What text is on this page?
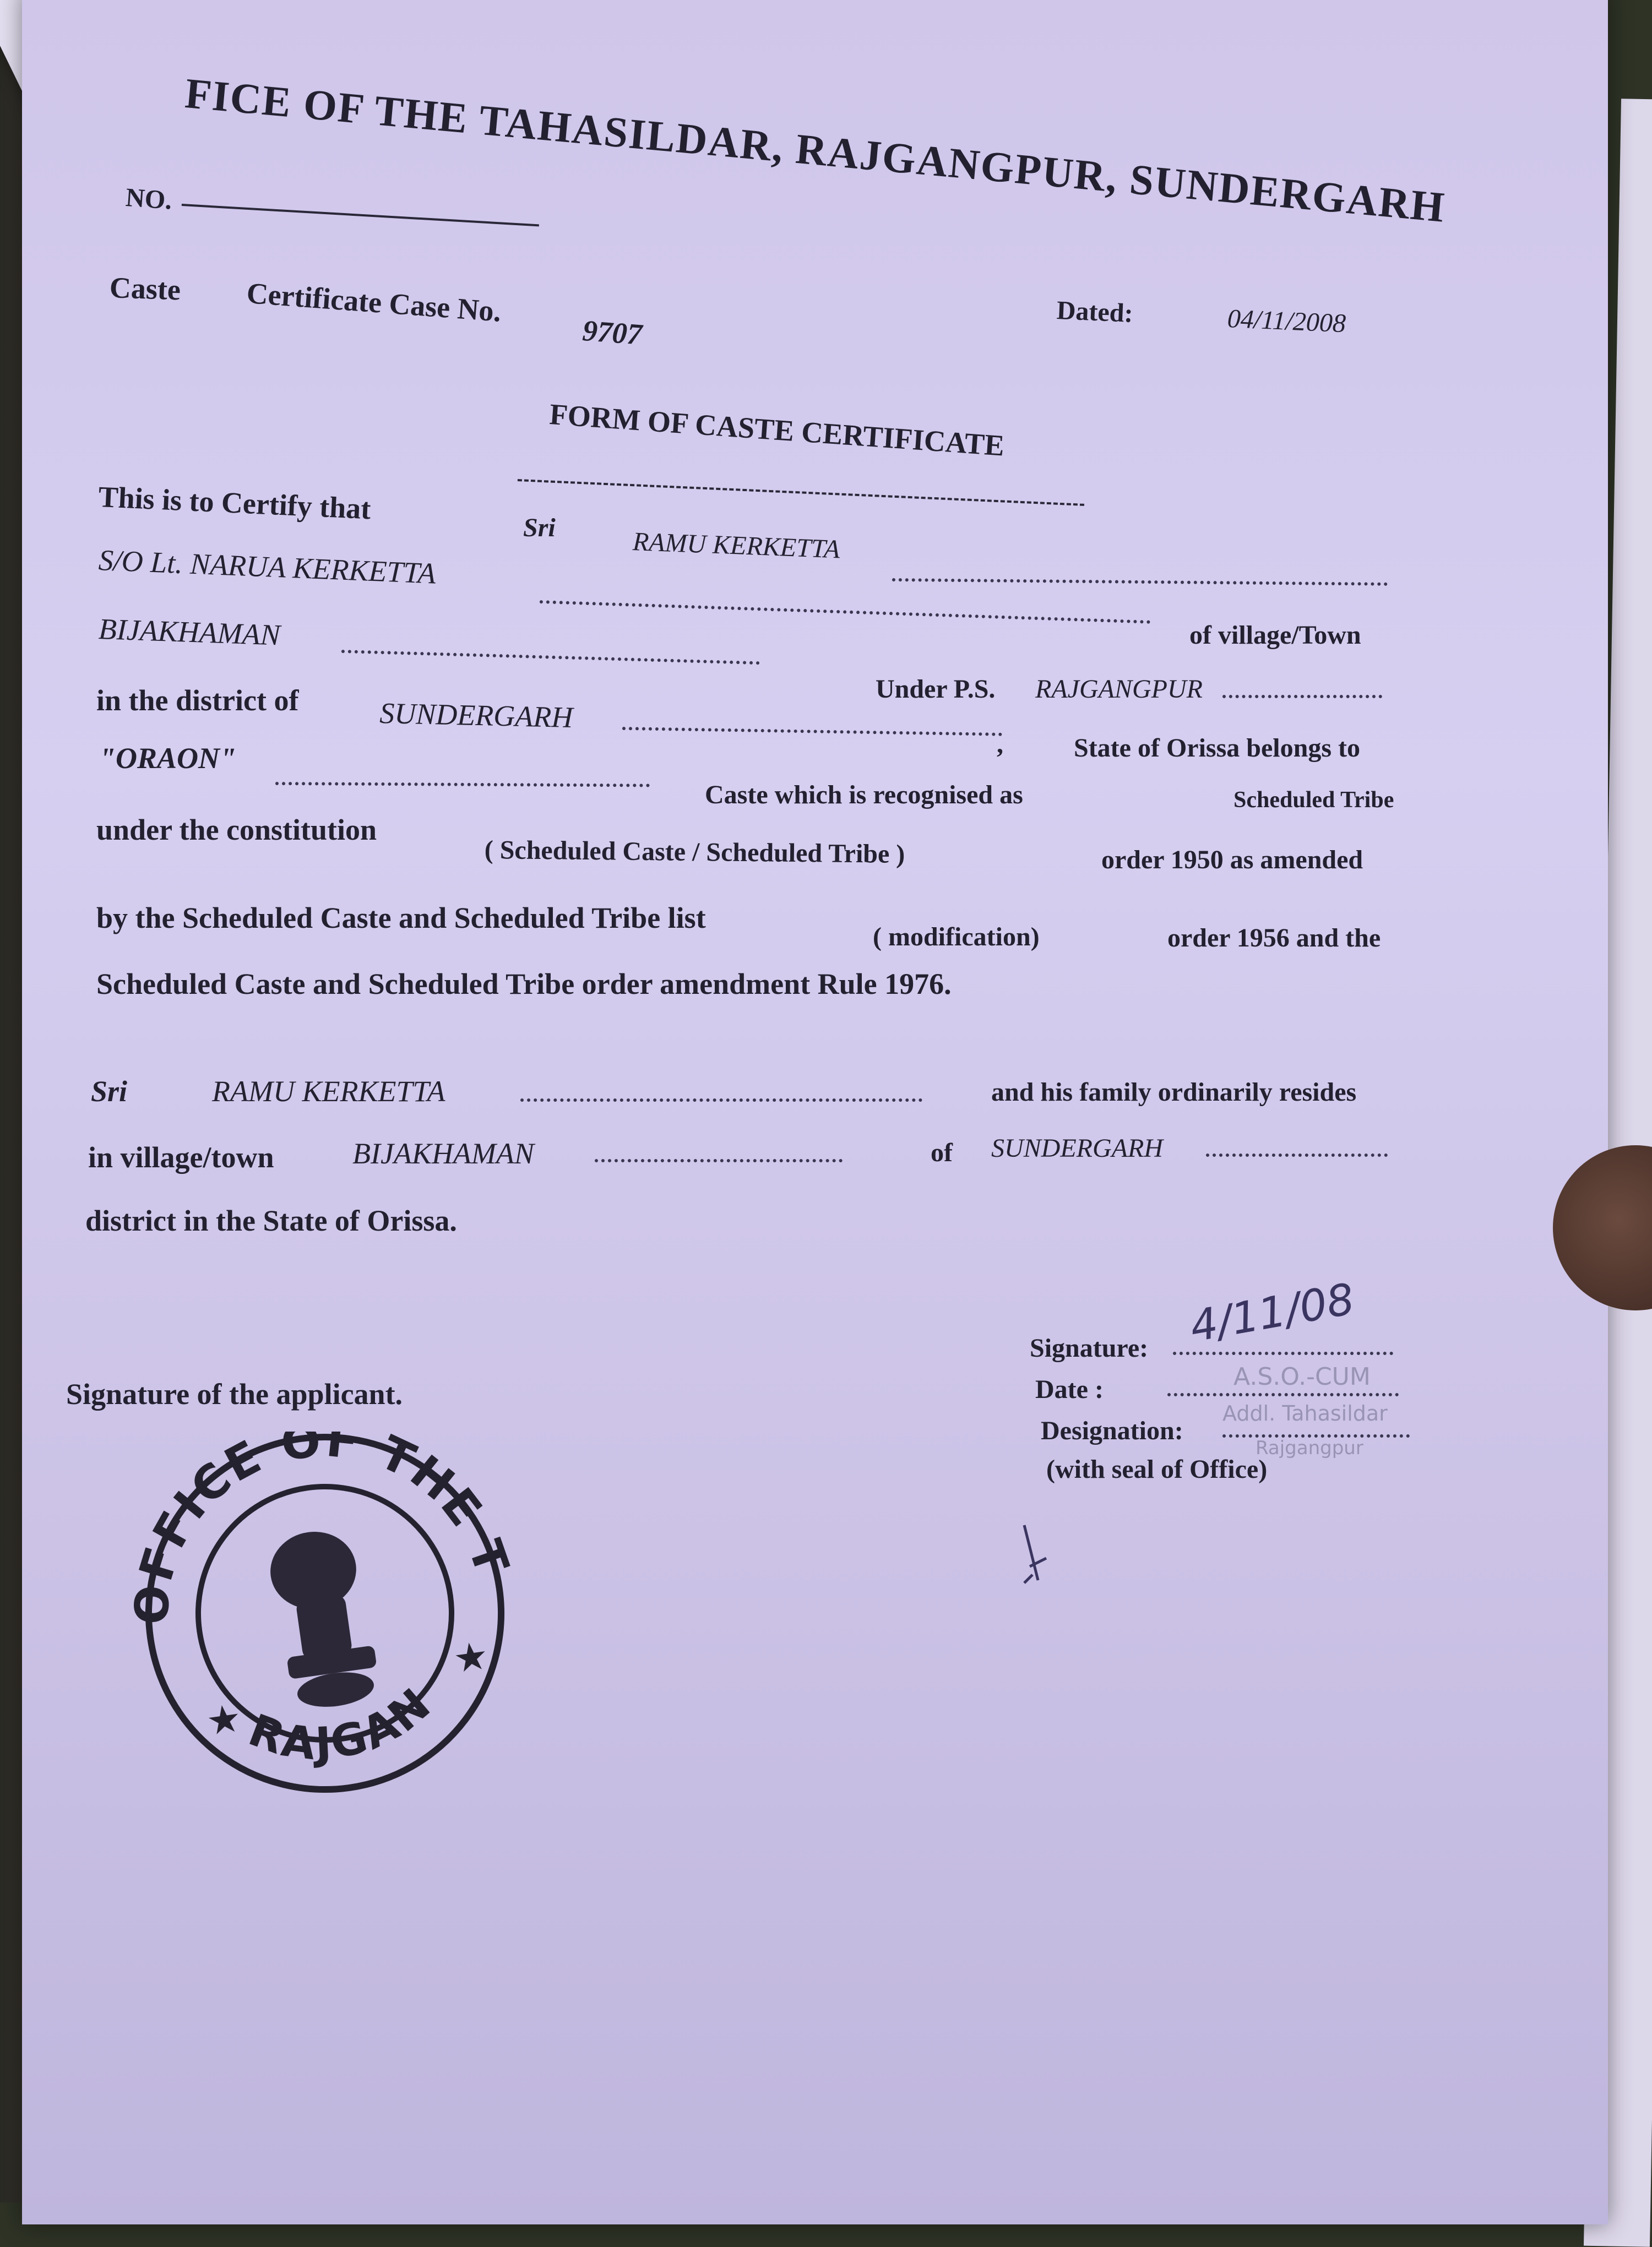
FICE OF THE TAHASILDAR, RAJGANGPUR, SUNDERGARH
NO.
Caste Certificate Case No.
9707
Dated:	04/11/2008
FORM OF CASTE CERTIFICATE
This is to Certify that
Sri	RAMU KERKETTA
S/O Lt. NARUA KERKETTA
BIJAKHAMAN	of village/Town
Under P.S. RAJGANGPUR
in the district of	SUNDERGARH
,	State of Orissa belongs to
"ORAON"
Caste which is recognised as	Scheduled Tribe
under the constitution
( Scheduled Caste / Scheduled Tribe )	order 1950 as amended
by the Scheduled Caste and Scheduled Tribe list
( modification)	order 1956 and the
Scheduled Caste and Scheduled Tribe order amendment Rule 1976.
Sri	RAMU KERKETTA	and his family ordinarily resides
in village/town	BIJAKHAMAN	of SUNDERGARH
district in the State of Orissa.
Signature: 4/11/08
Date :
Designation:
(with seal of Office)
A.S.O.-CUM
Addl. Tahasildar
Rajgangpur
Signature of the applicant.
OFFICE OF THE TAHASILDAR
RAJGANGPUR
★
★
